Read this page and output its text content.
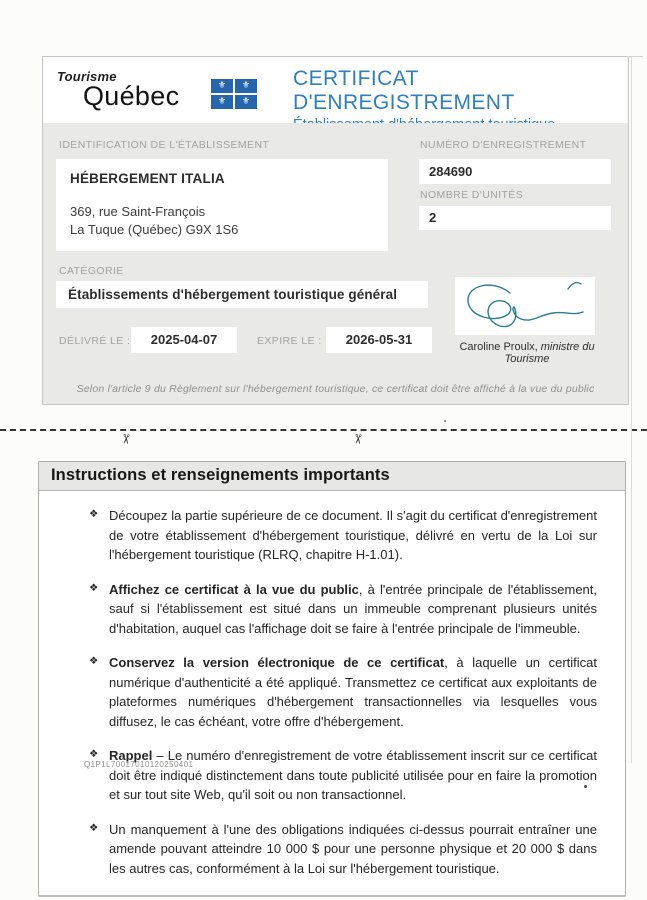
Tourisme
Québec	⚜	⚜
⚜	⚜
CERTIFICAT D'ENREGISTREMENT
IDENTIFICATION DE L'ÉTABLISSEMENT
HÉBERGEMENT ITALIA
369, rue Saint-François
La Tuque (Québec) G9X 1S6
NUMÉRO D'ENREGISTREMENT
284690
NOMBRE D'UNITÉS
2
CATÉGORIE
Établissements d'hébergement touristique général
Caroline Proulx, ministre du Tourisme
DÉLIVRÉ LE :	2025-04-07	EXPIRE LE :	2026-05-31
Selon l'article 9 du Règlement sur l'hébergement touristique, ce certificat doit être affiché à la vue du public
✂	✂
Instructions et renseignements importants
❖ Découpez la partie supérieure de ce document. Il s'agit du certificat d'enregistrement de votre établissement d'hébergement touristique, délivré en vertu de la Loi sur l'hébergement touristique (RLRQ, chapitre H-1.01).
❖ Affichez ce certificat à la vue du public, à l'entrée principale de l'établissement, sauf si l'établissement est situé dans un immeuble comprenant plusieurs unités d'habitation, auquel cas l'affichage doit se faire à l'entrée principale de l'immeuble.
❖ Conservez la version électronique de ce certificat, à laquelle un certificat numérique d'authenticité a été appliqué. Transmettez ce certificat aux exploitants de plateformes numériques d'hébergement transactionnelles via lesquelles vous diffusez, le cas échéant, votre offre d'hébergement.
❖ Rappel – Le numéro d'enregistrement de votre établissement inscrit sur ce certificat doit être indiqué distinctement dans toute publicité utilisée pour en faire la promotion et sur tout site Web, qu'il soit ou non transactionnel.
❖ Un manquement à l'une des obligations indiquées ci-dessus pourrait entraîner une amende pouvant atteindre 10 000 $ pour une personne physique et 20 000 $ dans les autres cas, conformément à la Loi sur l'hébergement touristique.
Q1P1L70017010120250401
